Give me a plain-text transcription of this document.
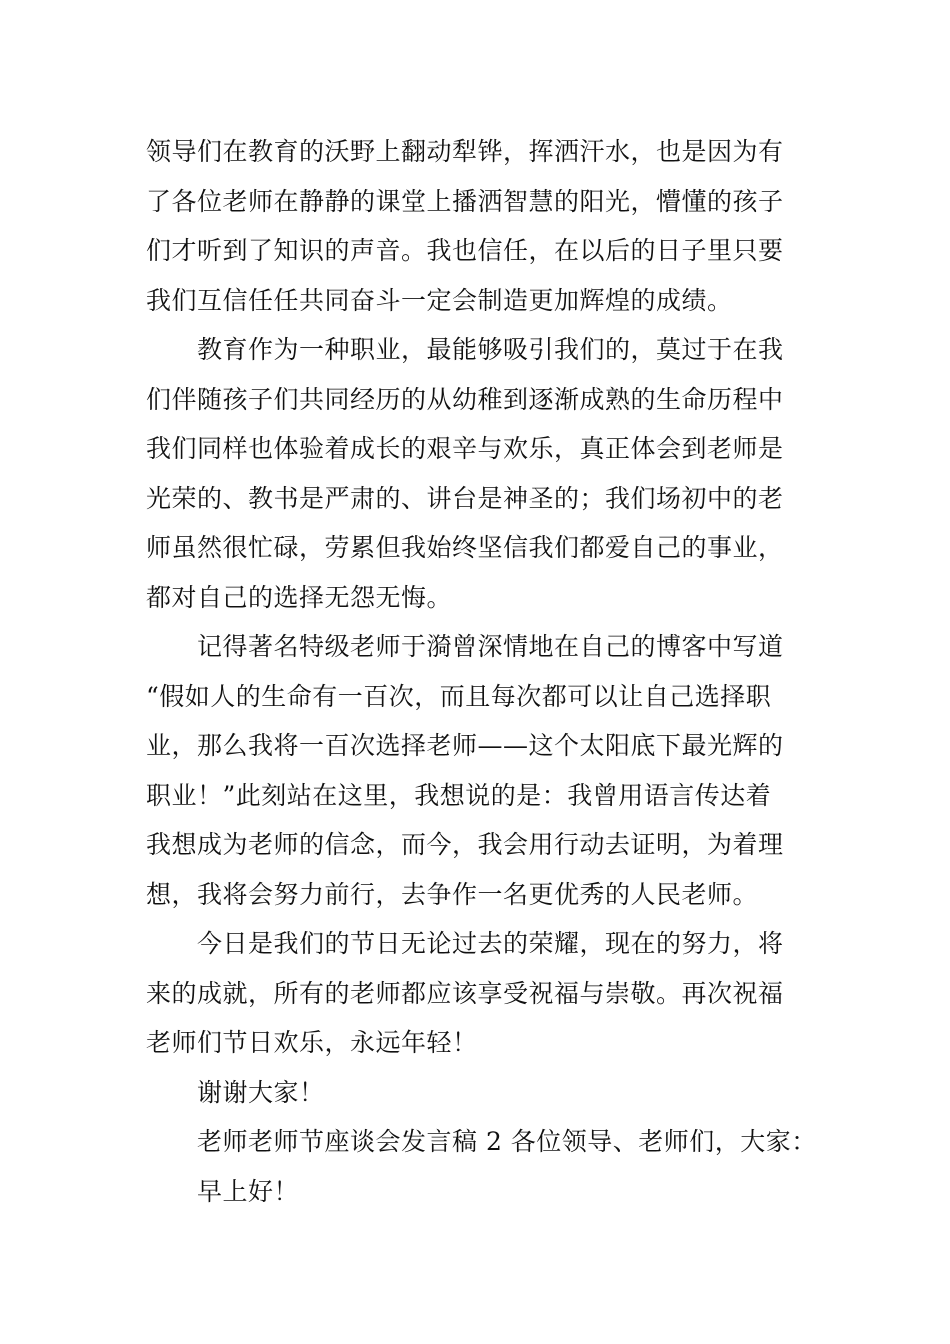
领导们在教育的沃野上翻动犁铧，挥洒汗水，也是因为有
了各位老师在静静的课堂上播洒智慧的阳光，懵懂的孩子
们才听到了知识的声音。我也信任，在以后的日子里只要
我们互信任任共同奋斗一定会制造更加辉煌的成绩。
教育作为一种职业，最能够吸引我们的，莫过于在我
们伴随孩子们共同经历的从幼稚到逐渐成熟的生命历程中
我们同样也体验着成长的艰辛与欢乐，真正体会到老师是
光荣的、教书是严肃的、讲台是神圣的；我们场初中的老
师虽然很忙碌，劳累但我始终坚信我们都爱自己的事业，
都对自己的选择无怨无悔。
记得著名特级老师于漪曾深情地在自己的博客中写道
“假如人的生命有一百次，而且每次都可以让自己选择职
业，那么我将一百次选择老师——这个太阳底下最光辉的
职业！”此刻站在这里，我想说的是：我曾用语言传达着
我想成为老师的信念，而今，我会用行动去证明，为着理
想，我将会努力前行，去争作一名更优秀的人民老师。
今日是我们的节日无论过去的荣耀，现在的努力，将
来的成就，所有的老师都应该享受祝福与崇敬。再次祝福
老师们节日欢乐，永远年轻！
谢谢大家！
老师老师节座谈会发言稿 2 各位领导、老师们，大家：
早上好！
